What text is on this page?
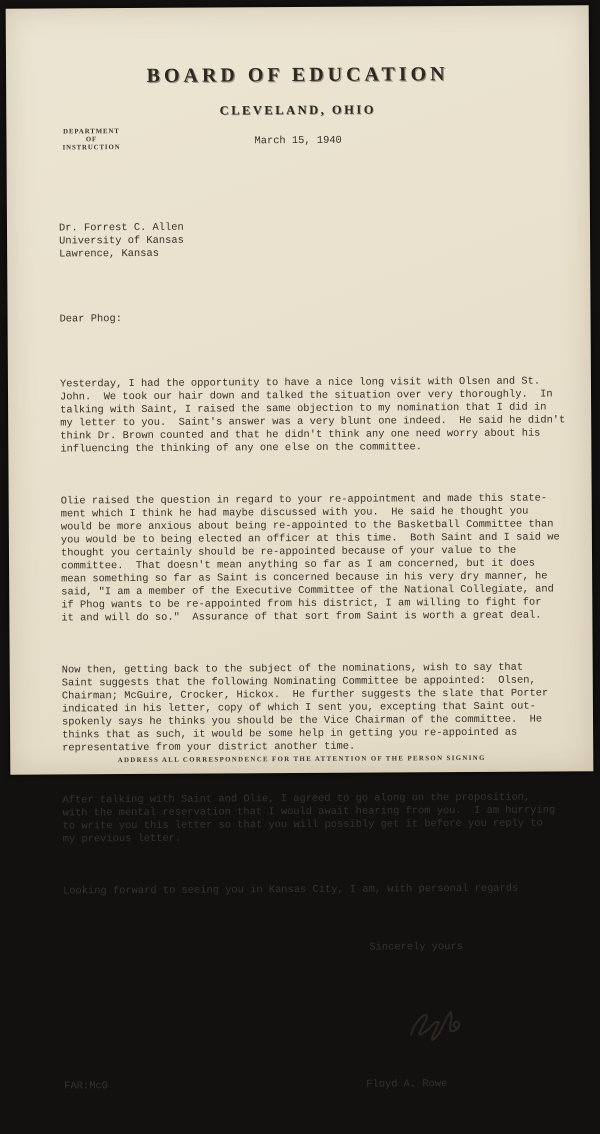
BOARD OF EDUCATION
CLEVELAND, OHIO
DEPARTMENT
OF
INSTRUCTION
March 15, 1940

Dr. Forrest C. Allen
University of Kansas
Lawrence, Kansas

Dear Phog:

Yesterday, I had the opportunity to have a nice long visit with Olsen and St.
John.  We took our hair down and talked the situation over very thoroughly.  In
talking with Saint, I raised the same objection to my nomination that I did in
my letter to you.  Saint's answer was a very blunt one indeed.  He said he didn't
think Dr. Brown counted and that he didn't think any one need worry about his
influencing the thinking of any one else on the committee.

Olie raised the question in regard to your re-appointment and made this state-
ment which I think he had maybe discussed with you.  He said he thought you
would be more anxious about being re-appointed to the Basketball Committee than
you would be to being elected an officer at this time.  Both Saint and I said we
thought you certainly should be re-appointed because of your value to the
committee.  That doesn't mean anything so far as I am concerned, but it does
mean something so far as Saint is concerned because in his very dry manner, he
said, "I am a member of the Executive Committee of the National Collegiate, and
if Phog wants to be re-appointed from his district, I am willing to fight for
it and will do so."  Assurance of that sort from Saint is worth a great deal.

Now then, getting back to the subject of the nominations, wish to say that
Saint suggests that the following Nominating Committee be appointed:  Olsen,
Chairman; McGuire, Crocker, Hickox.  He further suggests the slate that Porter
indicated in his letter, copy of which I sent you, excepting that Saint out-
spokenly says he thinks you should be the Vice Chairman of the committee.  He
thinks that as such, it would be some help in getting you re-appointed as
representative from your district another time.

After talking with Saint and Olie, I agreed to go along on the proposition,
with the mental reservation that I would await hearing from you.  I am hurrying
to write you this letter so that you will possibly get it before you reply to
my previous letter.

Looking forward to seeing you in Kansas City, I am, with personal regards

Sincerely yours

FAR:McG

	Floyd A. Rowe

ADDRESS ALL CORRESPONDENCE FOR THE ATTENTION OF THE PERSON SIGNING
